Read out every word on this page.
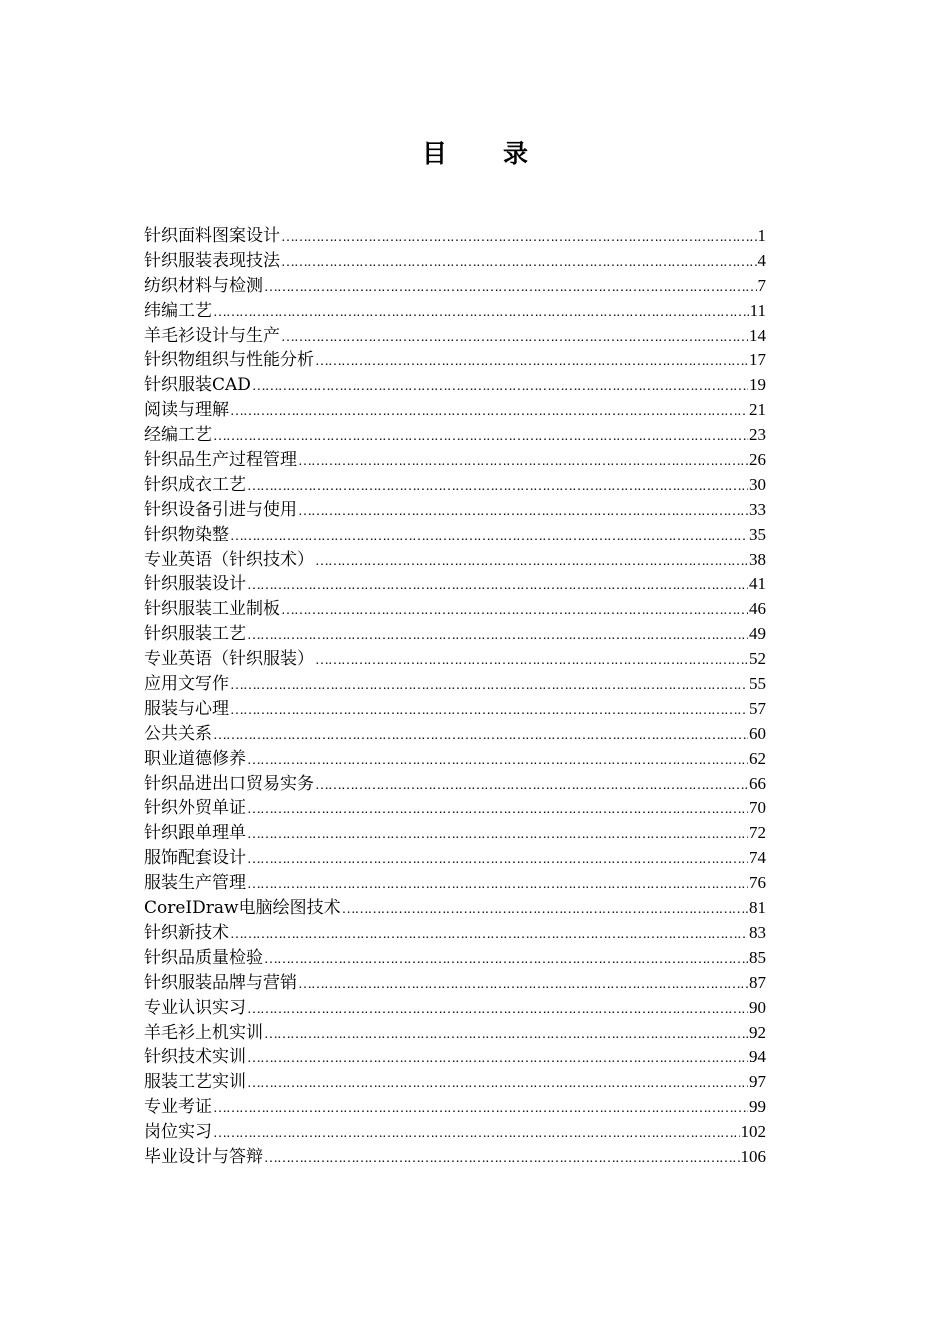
目 录
针织面料图案设计 …………………………………………………………………………………………………………………………………………………………………………………………………………	1
针织服装表现技法 …………………………………………………………………………………………………………………………………………………………………………………………………………	4
纺织材料与检测 …………………………………………………………………………………………………………………………………………………………………………………………………………	7
纬编工艺 …………………………………………………………………………………………………………………………………………………………………………………………………………	11
羊毛衫设计与生产 …………………………………………………………………………………………………………………………………………………………………………………………………………	14
针织物组织与性能分析 …………………………………………………………………………………………………………………………………………………………………………………………………………	17
针织服装CAD …………………………………………………………………………………………………………………………………………………………………………………………………………	19
阅读与理解 …………………………………………………………………………………………………………………………………………………………………………………………………………	21
经编工艺 …………………………………………………………………………………………………………………………………………………………………………………………………………	23
针织品生产过程管理 …………………………………………………………………………………………………………………………………………………………………………………………………………	26
针织成衣工艺 …………………………………………………………………………………………………………………………………………………………………………………………………………	30
针织设备引进与使用 …………………………………………………………………………………………………………………………………………………………………………………………………………	33
针织物染整 …………………………………………………………………………………………………………………………………………………………………………………………………………	35
专业英语（针织技术） …………………………………………………………………………………………………………………………………………………………………………………………………………	38
针织服装设计 …………………………………………………………………………………………………………………………………………………………………………………………………………	41
针织服装工业制板 …………………………………………………………………………………………………………………………………………………………………………………………………………	46
针织服装工艺 …………………………………………………………………………………………………………………………………………………………………………………………………………	49
专业英语（针织服装） …………………………………………………………………………………………………………………………………………………………………………………………………………	52
应用文写作 …………………………………………………………………………………………………………………………………………………………………………………………………………	55
服装与心理 …………………………………………………………………………………………………………………………………………………………………………………………………………	57
公共关系 …………………………………………………………………………………………………………………………………………………………………………………………………………	60
职业道德修养 …………………………………………………………………………………………………………………………………………………………………………………………………………	62
针织品进出口贸易实务 …………………………………………………………………………………………………………………………………………………………………………………………………………	66
针织外贸单证 …………………………………………………………………………………………………………………………………………………………………………………………………………	70
针织跟单理单 …………………………………………………………………………………………………………………………………………………………………………………………………………	72
服饰配套设计 …………………………………………………………………………………………………………………………………………………………………………………………………………	74
服装生产管理 …………………………………………………………………………………………………………………………………………………………………………………………………………	76
CoreIDraw电脑绘图技术 …………………………………………………………………………………………………………………………………………………………………………………………………………	81
针织新技术 …………………………………………………………………………………………………………………………………………………………………………………………………………	83
针织品质量检验 …………………………………………………………………………………………………………………………………………………………………………………………………………	85
针织服装品牌与营销 …………………………………………………………………………………………………………………………………………………………………………………………………………	87
专业认识实习 …………………………………………………………………………………………………………………………………………………………………………………………………………	90
羊毛衫上机实训 …………………………………………………………………………………………………………………………………………………………………………………………………………	92
针织技术实训 …………………………………………………………………………………………………………………………………………………………………………………………………………	94
服装工艺实训 …………………………………………………………………………………………………………………………………………………………………………………………………………	97
专业考证 …………………………………………………………………………………………………………………………………………………………………………………………………………	99
岗位实习 …………………………………………………………………………………………………………………………………………………………………………………………………………	102
毕业设计与答辩 …………………………………………………………………………………………………………………………………………………………………………………………………………	106
